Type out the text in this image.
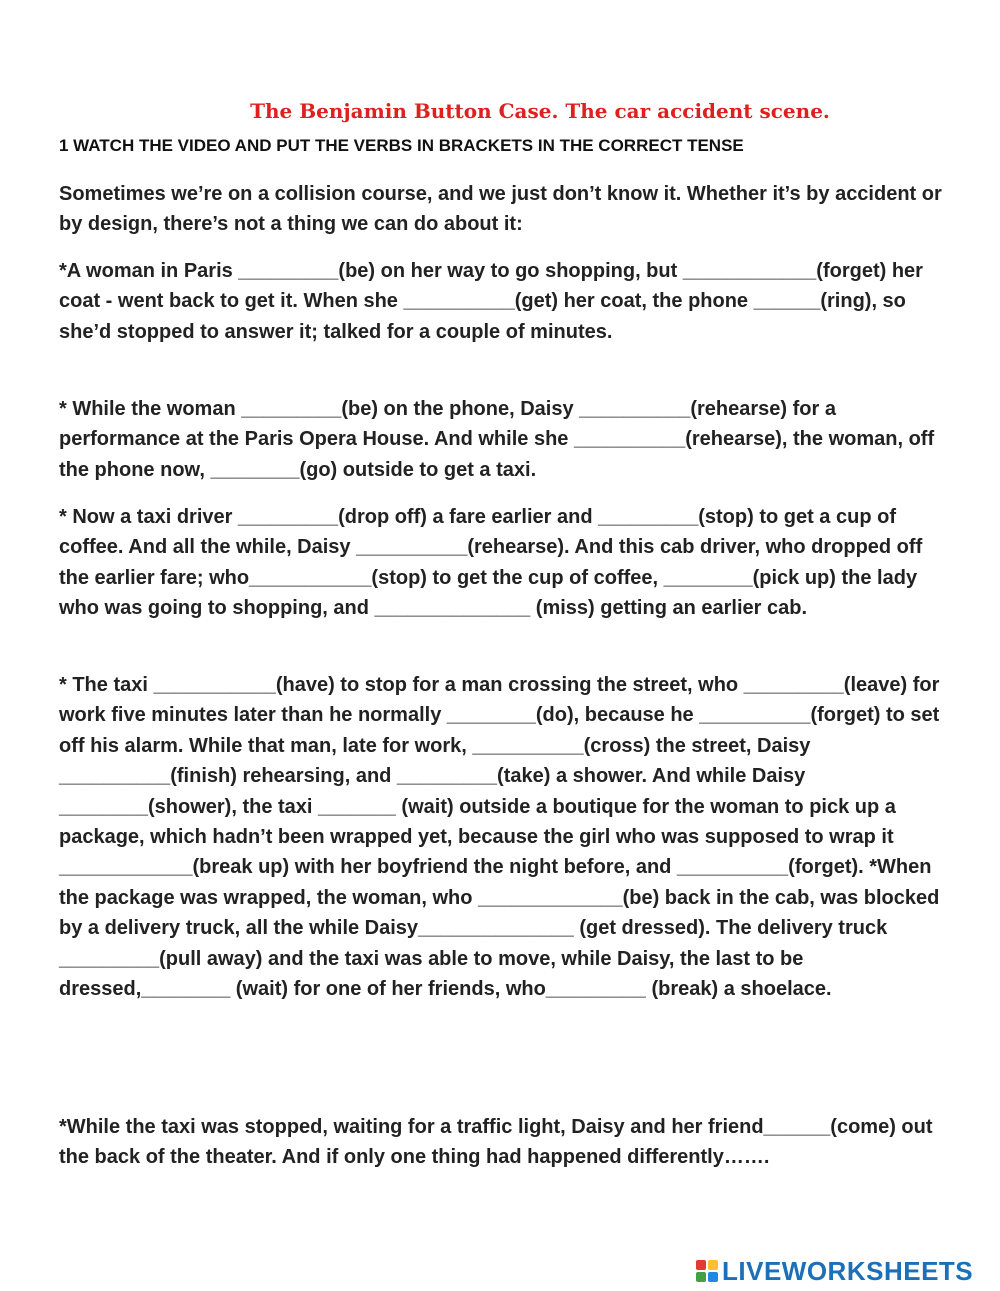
The Benjamin Button Case. The car accident scene.

1 WATCH THE VIDEO AND PUT THE VERBS IN BRACKETS IN THE CORRECT TENSE

Sometimes we’re on a collision course, and we just don’t know it. Whether it’s by accident or by design, there’s not a thing we can do about it:

*A woman in Paris _________(be) on her way to go shopping, but ____________(forget) her coat - went back to get it. When she __________(get) her coat, the phone ______(ring), so she’d stopped to answer it; talked for a couple of minutes.

* While the woman _________(be) on the phone, Daisy __________(rehearse) for a performance at the Paris Opera House. And while she __________(rehearse), the woman, off the phone now, ________(go) outside to get a taxi.

* Now a taxi driver _________(drop off) a fare earlier and _________(stop) to get a cup of coffee. And all the while, Daisy __________(rehearse). And this cab driver, who dropped off the earlier fare; who___________(stop) to get the cup of coffee, ________(pick up) the lady who was going to shopping, and ______________ (miss) getting an earlier cab.

* The taxi ___________(have) to stop for a man crossing the street, who _________(leave) for work five minutes later than he normally ________(do), because he __________(forget) to set off his alarm. While that man, late for work, __________(cross) the street, Daisy __________(finish) rehearsing, and _________(take) a shower. And while Daisy ________(shower), the taxi _______ (wait) outside a boutique for the woman to pick up a package, which hadn’t been wrapped yet, because the girl who was supposed to wrap it ____________(break up) with her boyfriend the night before, and __________(forget). *When the package was wrapped, the woman, who _____________(be) back in the cab, was blocked by a delivery truck, all the while Daisy______________ (get dressed). The delivery truck _________(pull away) and the taxi was able to move, while Daisy, the last to be dressed,________ (wait) for one of her friends, who_________ (break) a shoelace.

*While the taxi was stopped, waiting for a traffic light, Daisy and her friend______(come) out the back of the theater. And if only one thing had happened differently…….

LIVEWORKSHEETS
